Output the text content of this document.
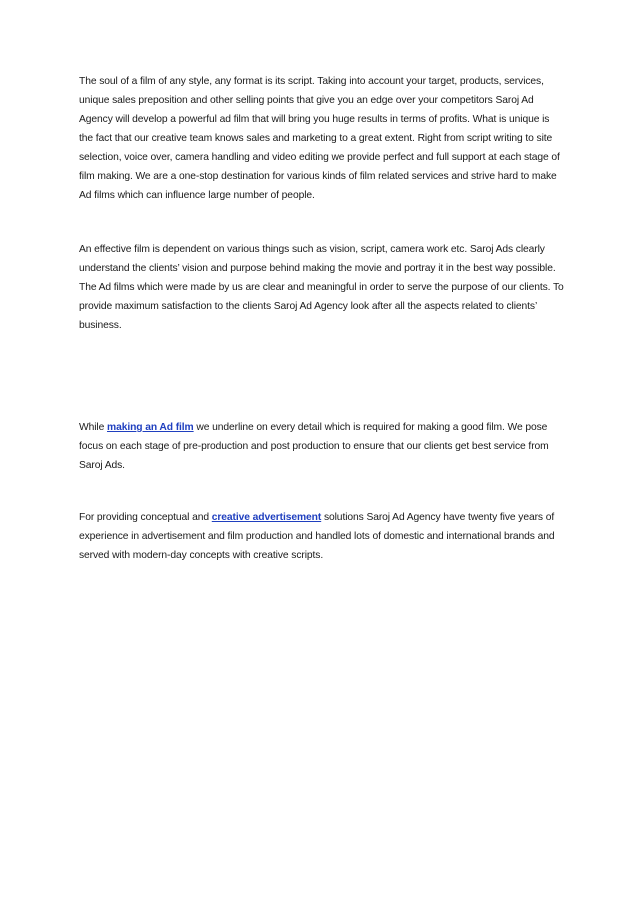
The soul of a film of any style, any format is its script. Taking into account your target, products, services, unique sales preposition and other selling points that give you an edge over your competitors Saroj Ad Agency will develop a powerful ad film that will bring you huge results in terms of profits. What is unique is the fact that our creative team knows sales and marketing to a great extent. Right from script writing to site selection, voice over, camera handling and video editing we provide perfect and full support at each stage of film making. We are a one-stop destination for various kinds of film related services and strive hard to make Ad films which can influence large number of people.

An effective film is dependent on various things such as vision, script, camera work etc. Saroj Ads clearly understand the clients’ vision and purpose behind making the movie and portray it in the best way possible. The Ad films which were made by us are clear and meaningful in order to serve the purpose of our clients. To provide maximum satisfaction to the clients Saroj Ad Agency look after all the aspects related to clients’ business.

While making an Ad film we underline on every detail which is required for making a good film. We pose focus on each stage of pre-production and post production to ensure that our clients get best service from Saroj Ads.

For providing conceptual and creative advertisement solutions Saroj Ad Agency have twenty five years of experience in advertisement and film production and handled lots of domestic and international brands and served with modern-day concepts with creative scripts.
